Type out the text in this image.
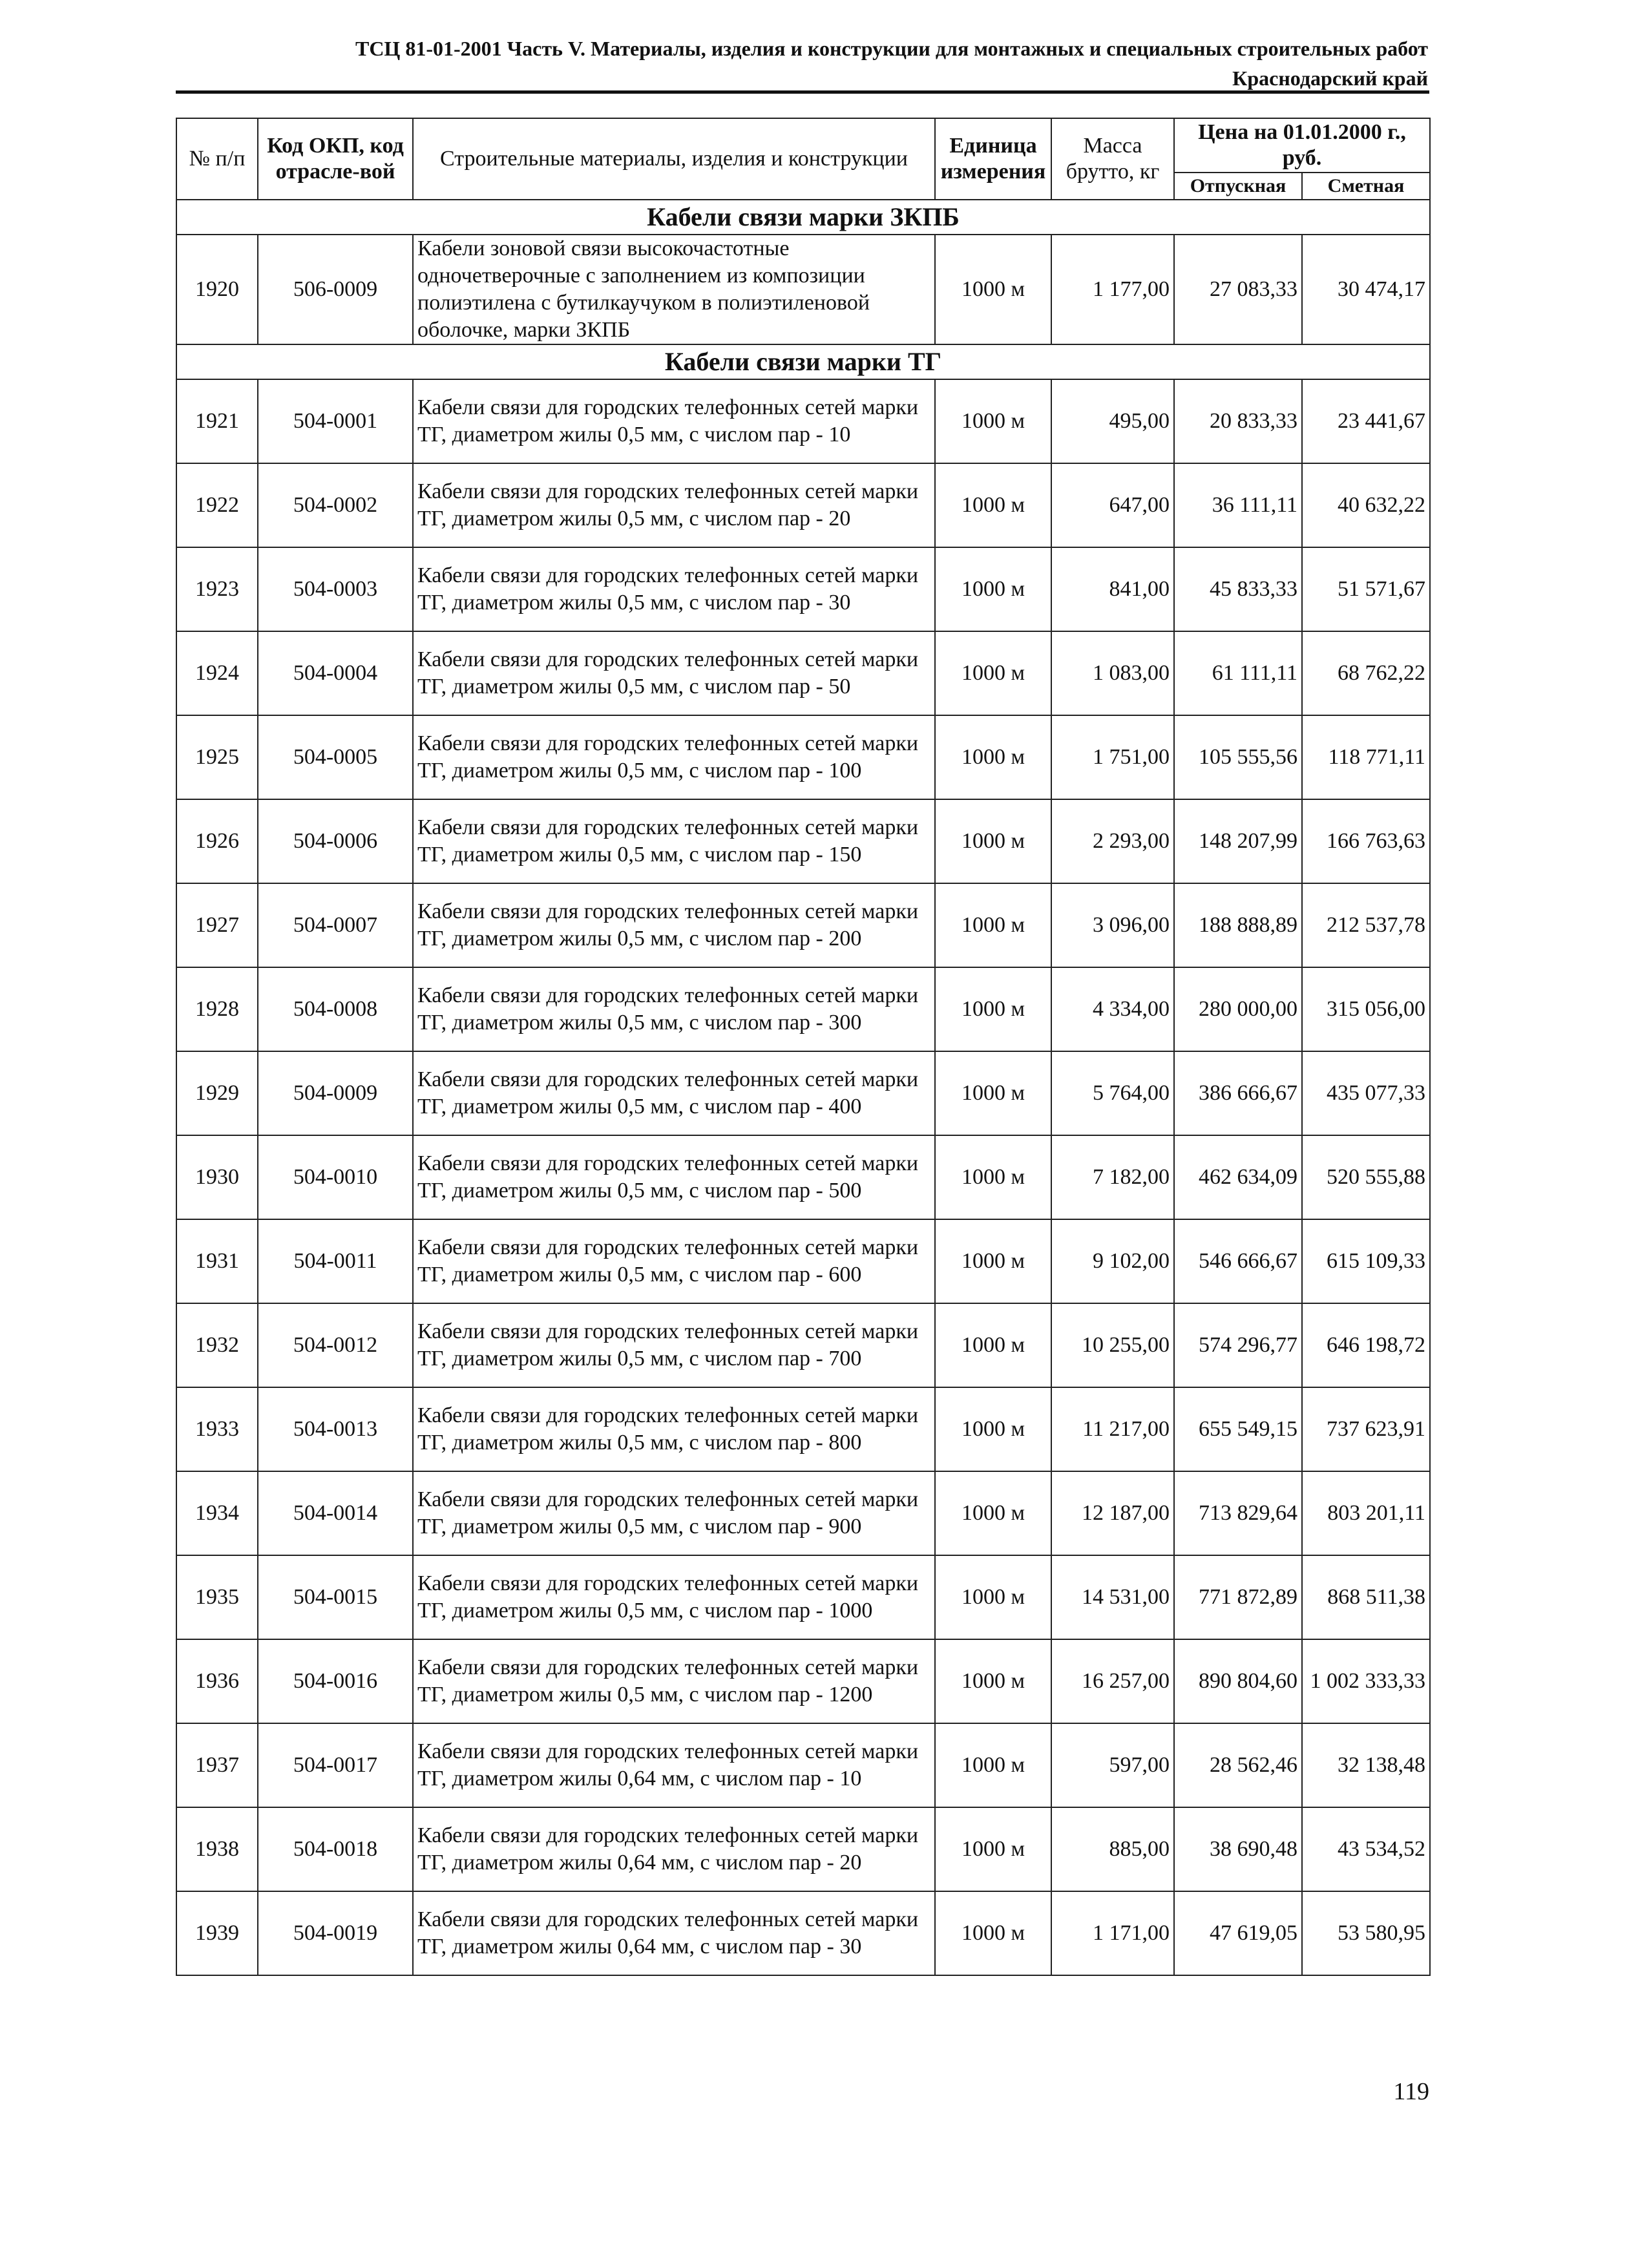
ТСЦ 81-01-2001 Часть V. Материалы, изделия и конструкции для монтажных и специальных строительных работ
Краснодарский край
№ п/п	Код ОКП, код отрасле-вой	Строительные материалы, изделия и конструкции	Единица измерения	Масса брутто, кг	Цена на 01.01.2000 г., руб.	
					Отпускная	Сметная
Кабели связи марки ЗКПБ						
1920	506-0009	Кабели зоновой связи высокочастотные одночетверочные с заполнением из композиции полиэтилена с бутилкаучуком в полиэтиленовой оболочке, марки ЗКПБ	1000 м	1 177,00	27 083,33	30 474,17
Кабели связи марки ТГ						
1921	504-0001	Кабели связи для городских телефонных сетей марки ТГ, диаметром жилы 0,5 мм, с числом пар - 10	1000 м	495,00	20 833,33	23 441,67
1922	504-0002	Кабели связи для городских телефонных сетей марки ТГ, диаметром жилы 0,5 мм, с числом пар - 20	1000 м	647,00	36 111,11	40 632,22
1923	504-0003	Кабели связи для городских телефонных сетей марки ТГ, диаметром жилы 0,5 мм, с числом пар - 30	1000 м	841,00	45 833,33	51 571,67
1924	504-0004	Кабели связи для городских телефонных сетей марки ТГ, диаметром жилы 0,5 мм, с числом пар - 50	1000 м	1 083,00	61 111,11	68 762,22
1925	504-0005	Кабели связи для городских телефонных сетей марки ТГ, диаметром жилы 0,5 мм, с числом пар - 100	1000 м	1 751,00	105 555,56	118 771,11
1926	504-0006	Кабели связи для городских телефонных сетей марки ТГ, диаметром жилы 0,5 мм, с числом пар - 150	1000 м	2 293,00	148 207,99	166 763,63
1927	504-0007	Кабели связи для городских телефонных сетей марки ТГ, диаметром жилы 0,5 мм, с числом пар - 200	1000 м	3 096,00	188 888,89	212 537,78
1928	504-0008	Кабели связи для городских телефонных сетей марки ТГ, диаметром жилы 0,5 мм, с числом пар - 300	1000 м	4 334,00	280 000,00	315 056,00
1929	504-0009	Кабели связи для городских телефонных сетей марки ТГ, диаметром жилы 0,5 мм, с числом пар - 400	1000 м	5 764,00	386 666,67	435 077,33
1930	504-0010	Кабели связи для городских телефонных сетей марки ТГ, диаметром жилы 0,5 мм, с числом пар - 500	1000 м	7 182,00	462 634,09	520 555,88
1931	504-0011	Кабели связи для городских телефонных сетей марки ТГ, диаметром жилы 0,5 мм, с числом пар - 600	1000 м	9 102,00	546 666,67	615 109,33
1932	504-0012	Кабели связи для городских телефонных сетей марки ТГ, диаметром жилы 0,5 мм, с числом пар - 700	1000 м	10 255,00	574 296,77	646 198,72
1933	504-0013	Кабели связи для городских телефонных сетей марки ТГ, диаметром жилы 0,5 мм, с числом пар - 800	1000 м	11 217,00	655 549,15	737 623,91
1934	504-0014	Кабели связи для городских телефонных сетей марки ТГ, диаметром жилы 0,5 мм, с числом пар - 900	1000 м	12 187,00	713 829,64	803 201,11
1935	504-0015	Кабели связи для городских телефонных сетей марки ТГ, диаметром жилы 0,5 мм, с числом пар - 1000	1000 м	14 531,00	771 872,89	868 511,38
1936	504-0016	Кабели связи для городских телефонных сетей марки ТГ, диаметром жилы 0,5 мм, с числом пар - 1200	1000 м	16 257,00	890 804,60	1 002 333,33
1937	504-0017	Кабели связи для городских телефонных сетей марки ТГ, диаметром жилы 0,64 мм, с числом пар - 10	1000 м	597,00	28 562,46	32 138,48
1938	504-0018	Кабели связи для городских телефонных сетей марки ТГ, диаметром жилы 0,64 мм, с числом пар - 20	1000 м	885,00	38 690,48	43 534,52
1939	504-0019	Кабели связи для городских телефонных сетей марки ТГ, диаметром жилы 0,64 мм, с числом пар - 30	1000 м	1 171,00	47 619,05	53 580,95
119
